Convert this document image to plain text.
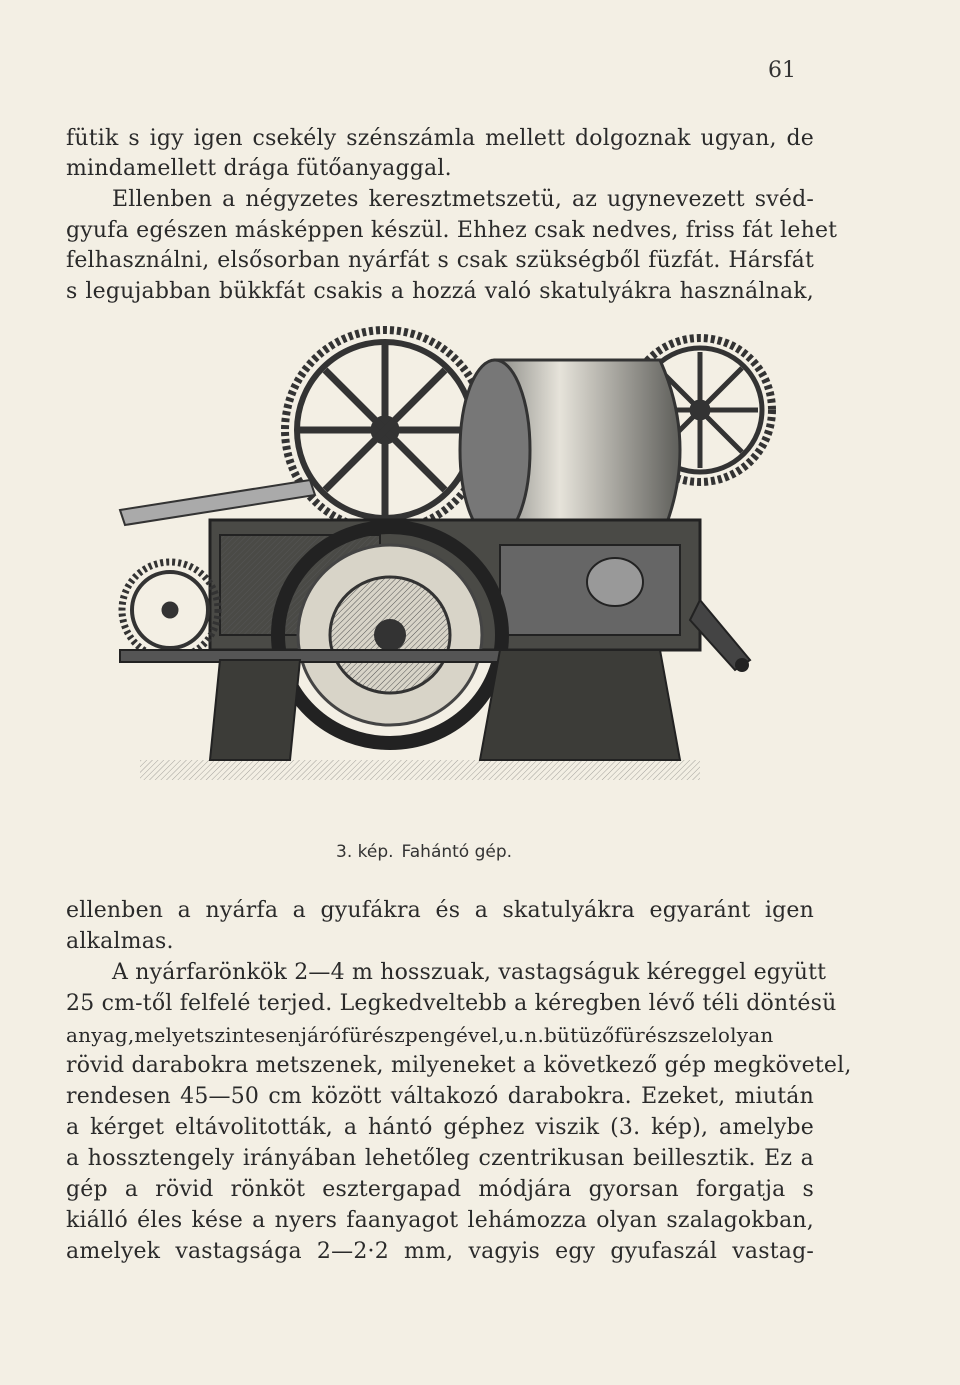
61
fütik s igy igen csekély szénszámla mellett dolgoznak ugyan, de
mindamellett drága fütőanyaggal.
Ellenben a négyzetes keresztmetszetü, az ugynevezett svéd-
gyufa egészen másképpen készül. Ehhez csak nedves, friss fát lehet
felhasználni, elsősorban nyárfát s csak szükségből füzfát. Hársfát
s legujabban bükkfát csakis a hozzá való skatulyákra használnak,
3. kép. Fahántó gép.
ellenben a nyárfa a gyufákra és a skatulyákra egyaránt igen
alkalmas.
A nyárfarönkök 2—4 m hosszuak, vastagságuk kéreggel együtt
25 cm-től felfelé terjed. Legkedveltebb a kéregben lévő téli döntésü
anyag,melyetszintesenjárófürészpengével,u.n.bütüzőfürészszelolyan
rövid darabokra metszenek, milyeneket a következő gép megkövetel,
rendesen 45—50 cm között váltakozó darabokra. Ezeket, miután
a kérget eltávolitották, a hántó géphez viszik (3. kép), amelybe
a hossztengely irányában lehetőleg czentrikusan beillesztik. Ez a
gép a rövid rönköt esztergapad módjára gyorsan forgatja s
kiálló éles kése a nyers faanyagot lehámozza olyan szalagokban,
amelyek vastagsága 2—2·2 mm, vagyis egy gyufaszál vastag-
